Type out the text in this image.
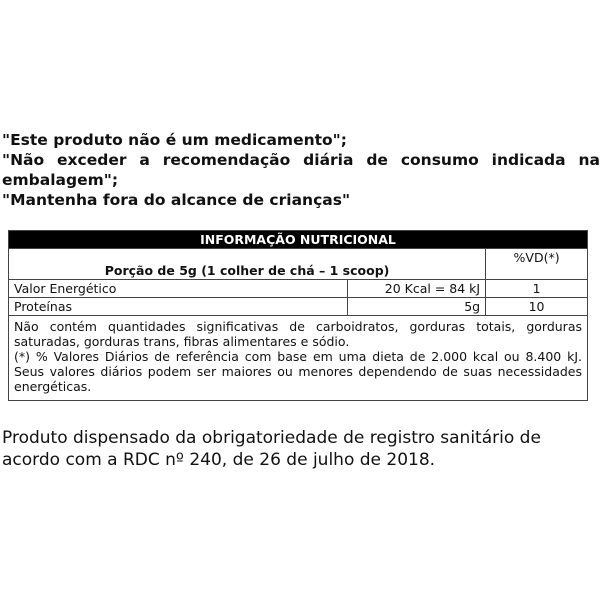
"Este produto não é um medicamento";

"Não exceder a recomendação diária de consumo indicada na embalagem";

"Mantenha fora do alcance de crianças"

INFORMAÇÃO NUTRICIONAL		
Porção de 5g (1 colher de chá – 1 scoop)		%VD(*)
Valor Energético	20 Kcal = 84 kJ	1
Proteínas	5g	10

Não contém quantidades significativas de carboidratos, gorduras totais, gorduras saturadas, gorduras trans, fibras alimentares e sódio.
(*) % Valores Diários de referência com base em uma dieta de 2.000 kcal ou 8.400 kJ. Seus valores diários podem ser maiores ou menores dependendo de suas necessidades energéticas.		
Produto dispensado da obrigatoriedade de registro sanitário de acordo com a RDC nº 240, de 26 de julho de 2018.
